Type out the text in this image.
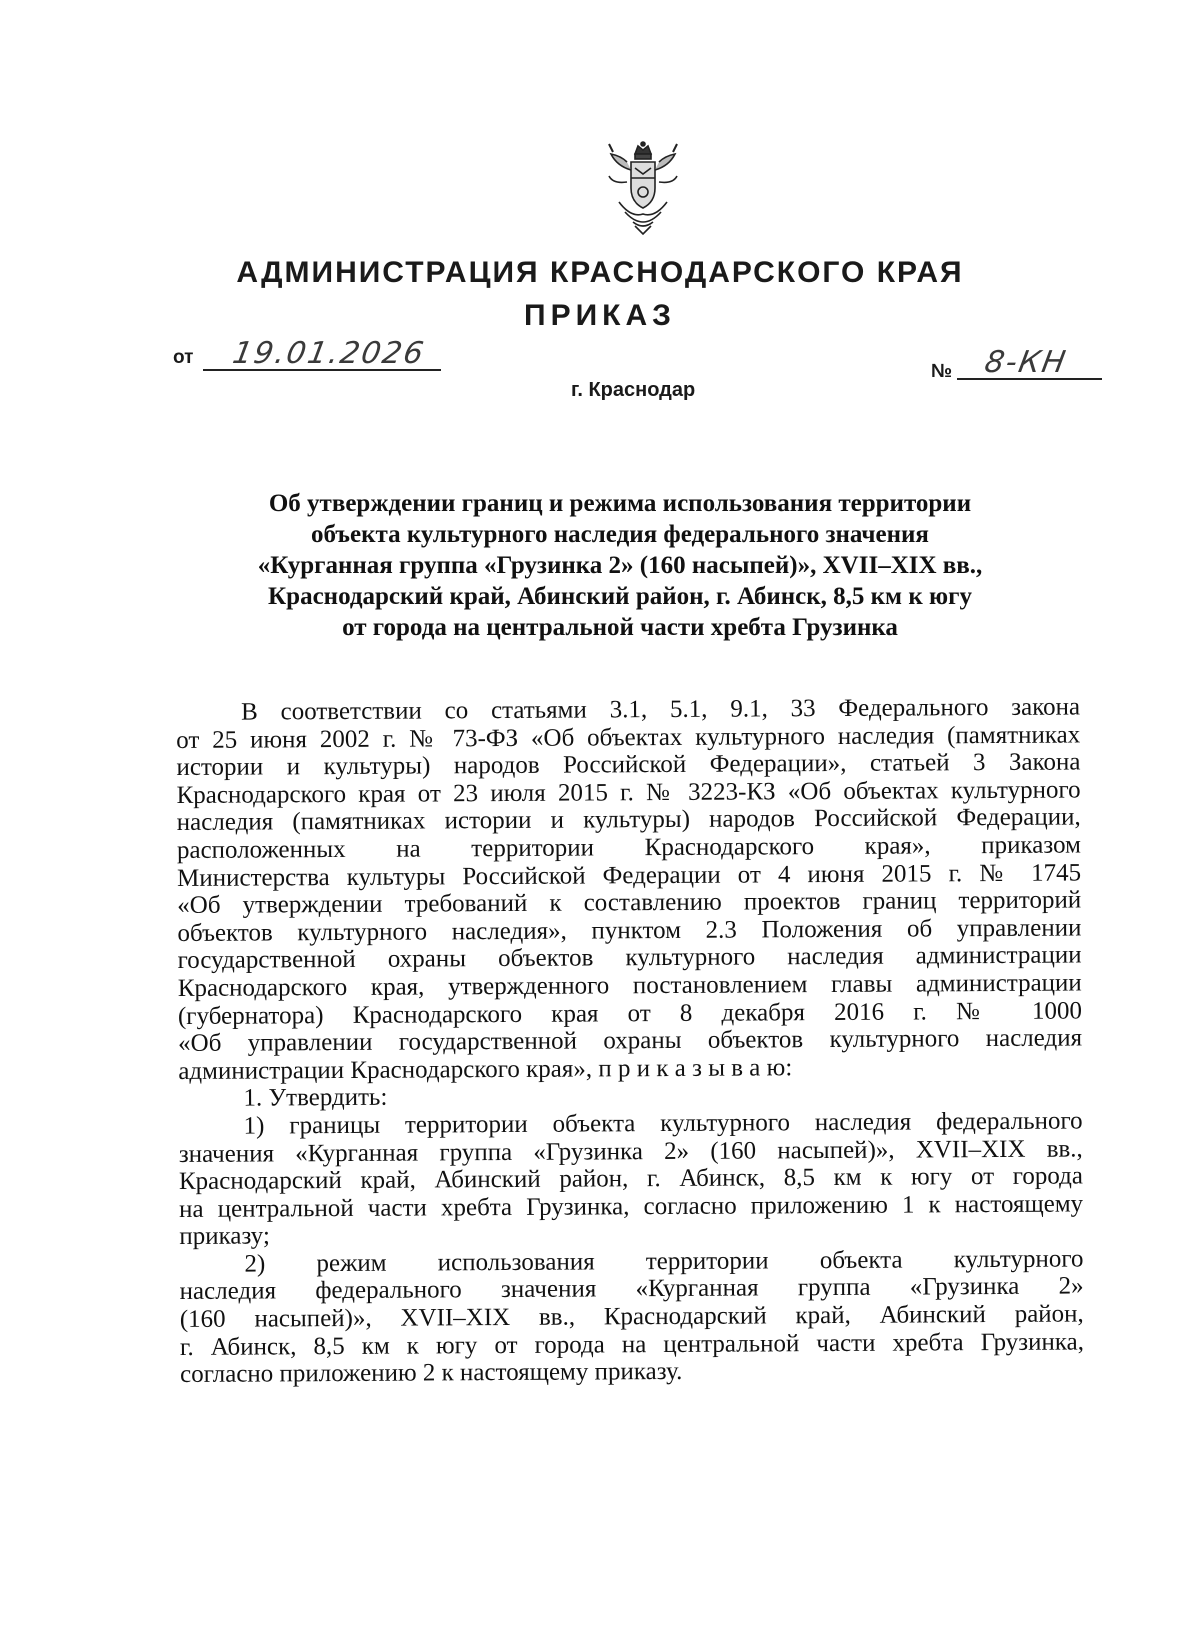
АДМИНИСТРАЦИЯ КРАСНОДАРСКОГО КРАЯ
ПРИКАЗ
от 19.01.2026
№ 8-КН
г. Краснодар
Об утверждении границ и режима использования территории
объекта культурного наследия федерального значения
«Курганная группа «Грузинка 2» (160 насыпей)», XVII–XIX вв.,
Краснодарский край, Абинский район, г. Абинск, 8,5 км к югу
от города на центральной части хребта Грузинка
В соответствии со статьями 3.1, 5.1, 9.1, 33 Федерального закона
от 25 июня 2002 г. № 73-ФЗ «Об объектах культурного наследия (памятниках
истории и культуры) народов Российской Федерации», статьей 3 Закона
Краснодарского края от 23 июля 2015 г. № 3223-КЗ «Об объектах культурного
наследия (памятниках истории и культуры) народов Российской Федерации,
расположенных на территории Краснодарского края», приказом
Министерства культуры Российской Федерации от 4 июня 2015 г. № 1745
«Об утверждении требований к составлению проектов границ территорий
объектов культурного наследия», пунктом 2.3 Положения об управлении
государственной охраны объектов культурного наследия администрации
Краснодарского края, утвержденного постановлением главы администрации
(губернатора) Краснодарского края от 8 декабря 2016 г. № 1000
«Об управлении государственной охраны объектов культурного наследия
администрации Краснодарского края», п р и к а з ы в а ю:
1. Утвердить:
1) границы территории объекта культурного наследия федерального
значения «Курганная группа «Грузинка 2» (160 насыпей)», XVII–XIX вв.,
Краснодарский край, Абинский район, г. Абинск, 8,5 км к югу от города
на центральной части хребта Грузинка, согласно приложению 1 к настоящему
приказу;
2) режим использования территории объекта культурного
наследия федерального значения «Курганная группа «Грузинка 2»
(160 насыпей)», XVII–XIX вв., Краснодарский край, Абинский район,
г. Абинск, 8,5 км к югу от города на центральной части хребта Грузинка,
согласно приложению 2 к настоящему приказу.
